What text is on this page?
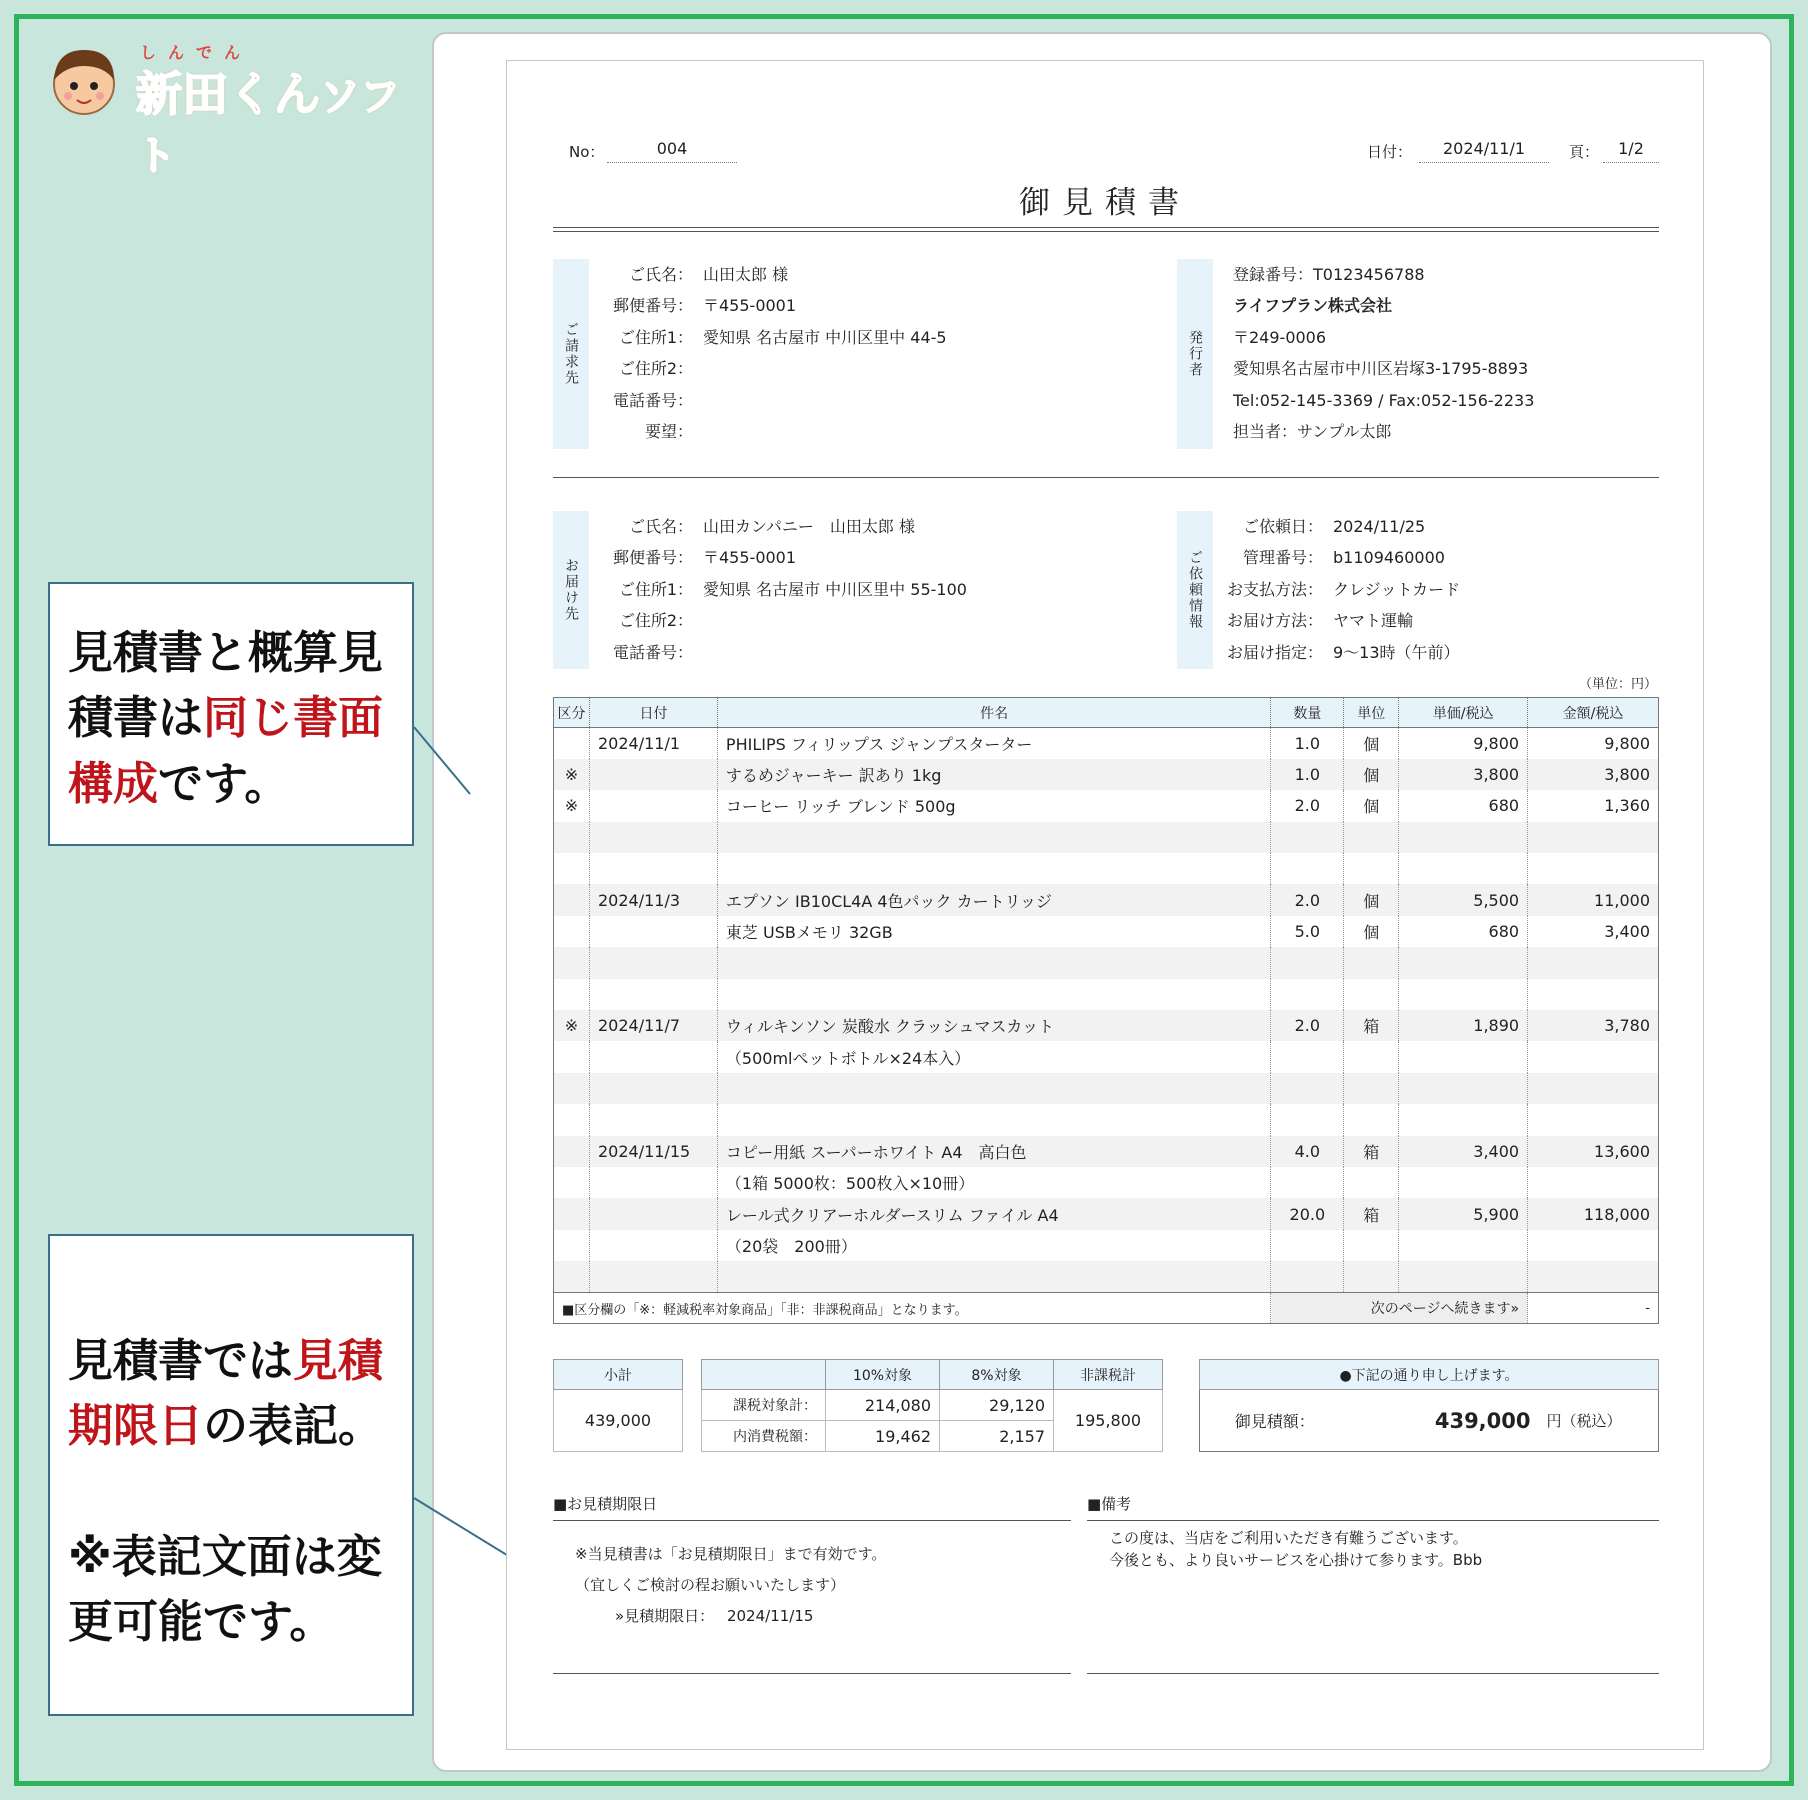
しんでん
新田くんソフト
見積書と概算見積書は同じ書面構成です。
見積書では見積期限日の表記。

※表記文面は変更可能です。
No：	004	日付：	2024/11/1	頁：	1/2
御見積書
ご請求先
ご氏名： 山田太郎 様
郵便番号： 〒455-0001
ご住所1： 愛知県 名古屋市 中川区里中 44-5
ご住所2：
電話番号：
要望：
発行者
登録番号：T0123456788
ライフプラン株式会社
〒249-0006
愛知県名古屋市中川区岩塚3-1795-8893
Tel:052-145-3369 / Fax:052-156-2233
担当者：サンプル太郎
お届け先
ご氏名： 山田カンパニー　山田太郎 様
郵便番号： 〒455-0001
ご住所1： 愛知県 名古屋市 中川区里中 55-100
ご住所2：
電話番号：
ご依頼情報
ご依頼日： 2024/11/25
管理番号： b1109460000
お支払方法： クレジットカード
お届け方法： ヤマト運輸
お届け指定： 9～13時（午前）
（単位：円）
区分	日付	件名	数量	単位	単価/税込	金額/税込
	2024/11/1	PHILIPS フィリップス ジャンプスターター	1.0	個	9,800	9,800
※		するめジャーキー 訳あり 1kg	1.0	個	3,800	3,800
※		コーヒー リッチ ブレンド 500g	2.0	個	680	1,360

	2024/11/3	エプソン IB10CL4A 4色パック カートリッジ	2.0	個	5,500	11,000
		東芝 USBメモリ 32GB	5.0	個	680	3,400

※	2024/11/7	ウィルキンソン 炭酸水 クラッシュマスカット	2.0	箱	1,890	3,780
		（500mlペットボトル×24本入）				

	2024/11/15	コピー用紙 スーパーホワイト A4　高白色	4.0	箱	3,400	13,600
		（1箱 5000枚：500枚入×10冊）				
		レール式クリアーホルダースリム ファイル A4	20.0	箱	5,900	118,000
		（20袋　200冊）				

■区分欄の「※：軽減税率対象商品」「非：非課税商品」となります。			次のページへ続きます»			-
小計
439,000
	10%対象	8%対象	非課税計
課税対象計：	214,080	29,120	195,800
内消費税額：	19,462	2,157	
●下記の通り申し上げます。
御見積額：	439,000	円（税込）
■お見積期限日
※当見積書は「お見積期限日」まで有効です。
（宜しくご検討の程お願いいたします）
»見積期限日： 2024/11/15
■備考
この度は、当店をご利用いただき有難うございます。
今後とも、より良いサービスを心掛けて参ります。Bbb
